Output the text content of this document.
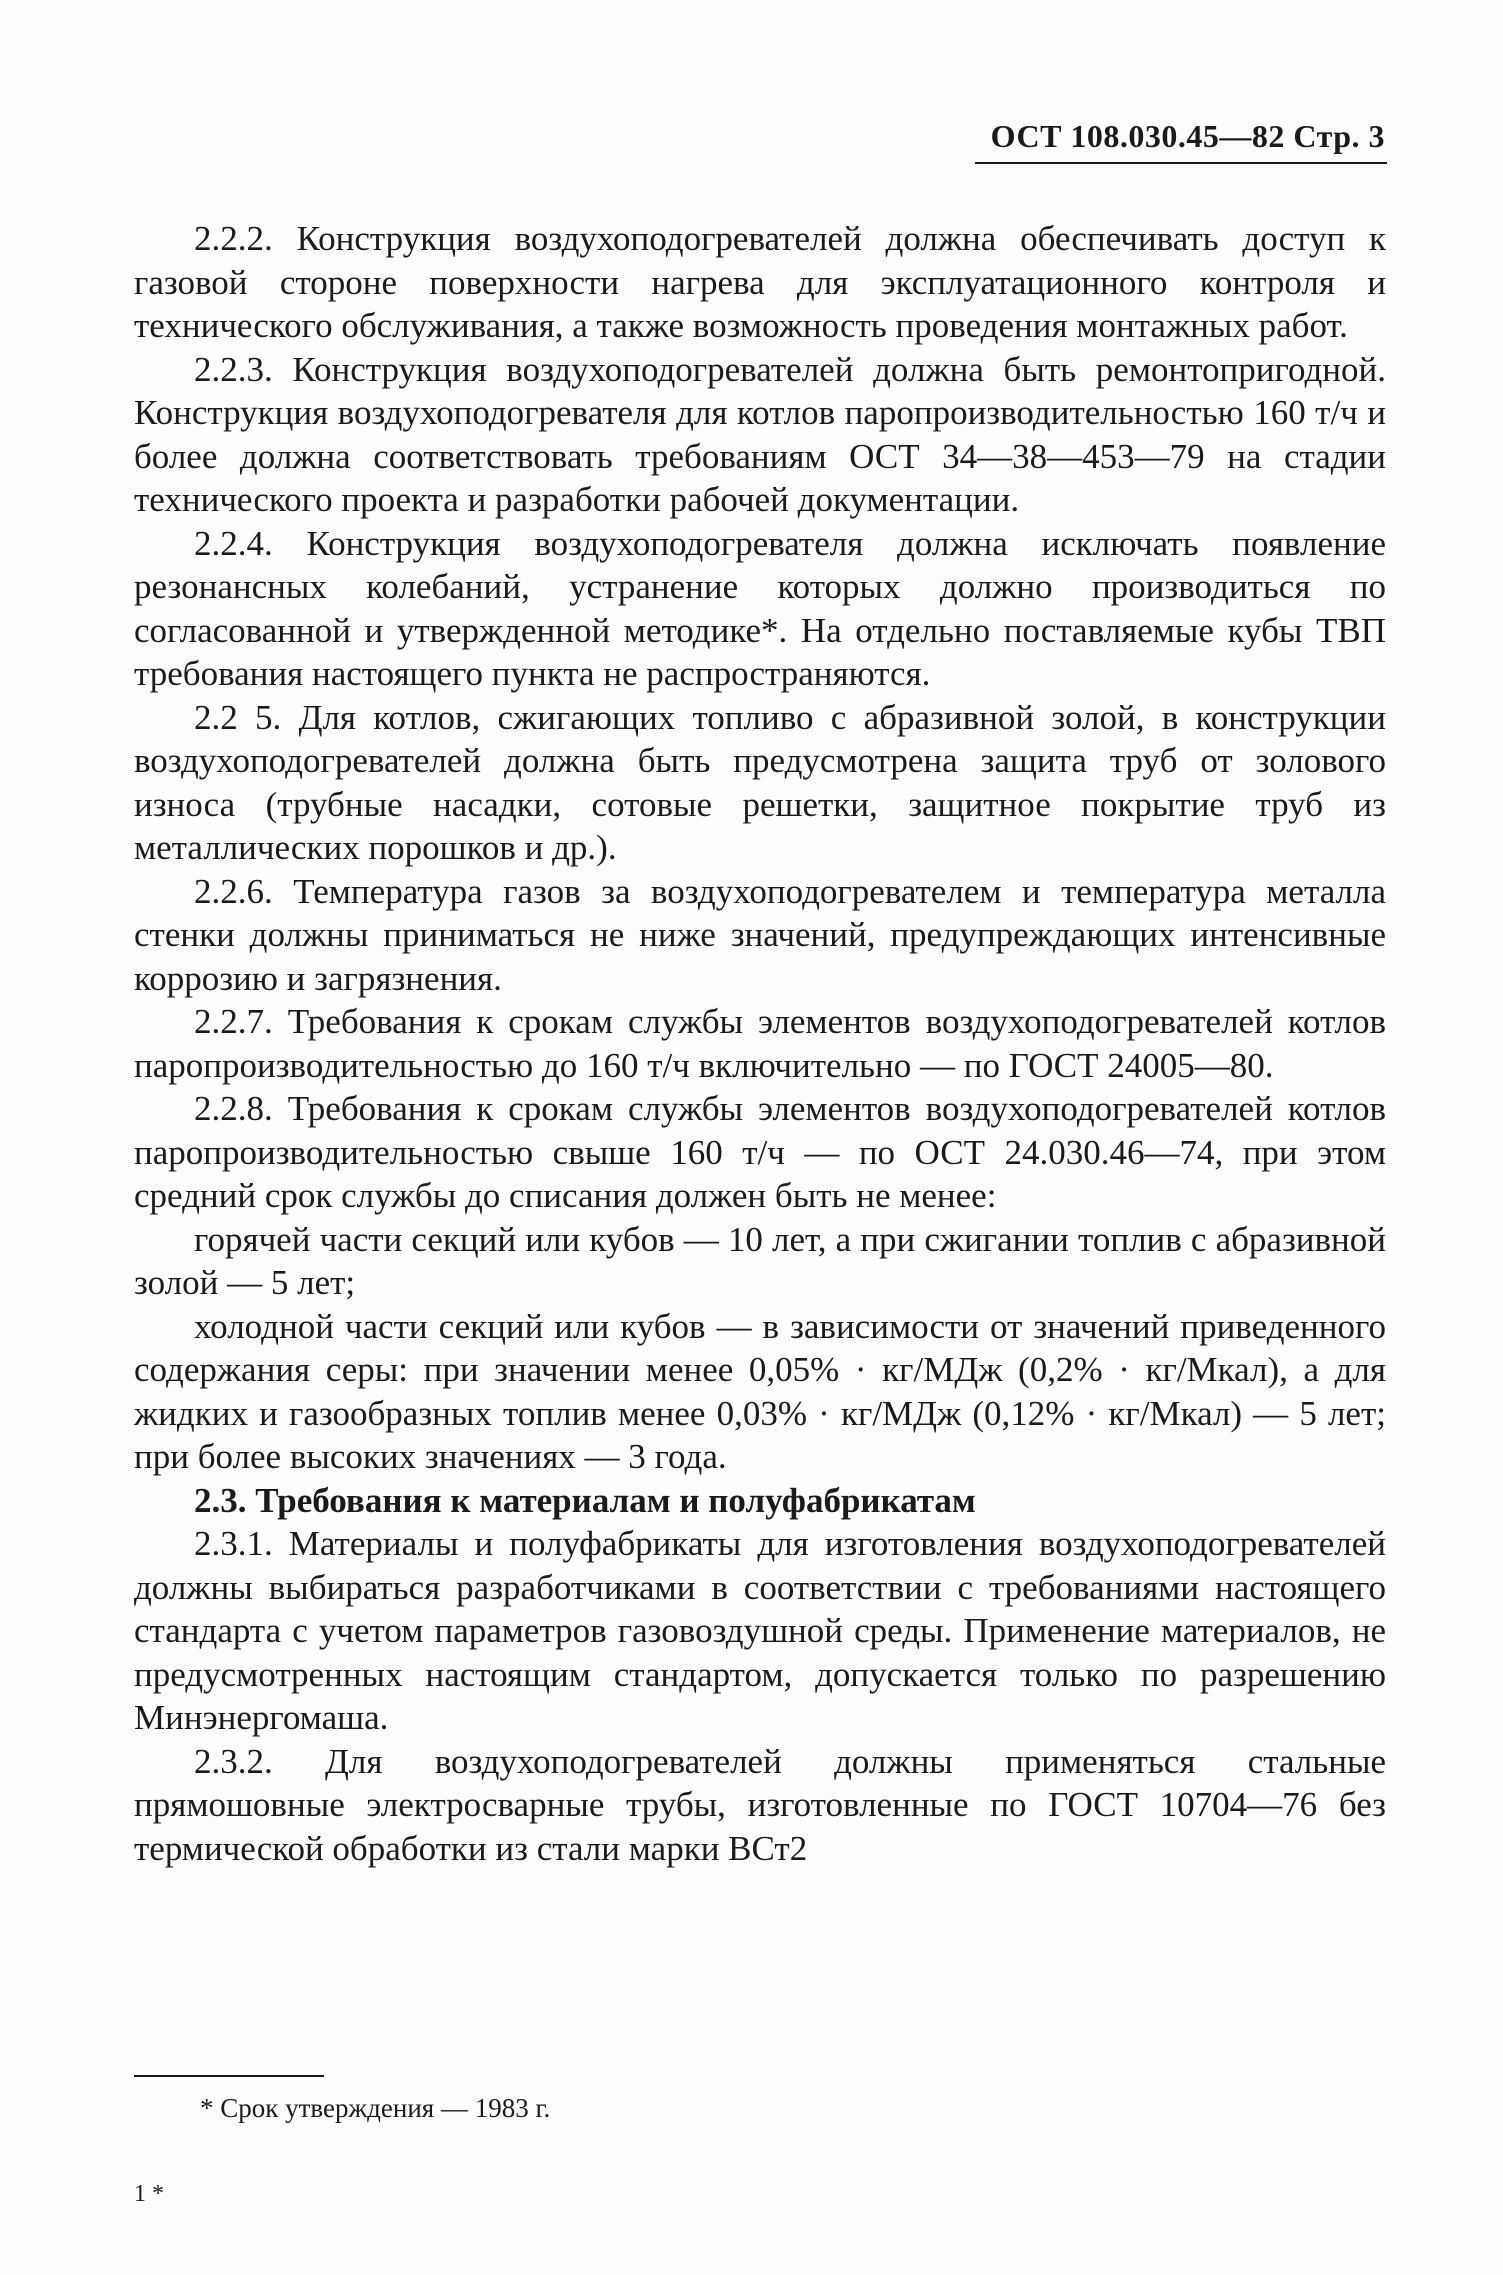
ОСТ 108.030.45—82 Стр. 3

2.2.2. Конструкция воздухоподогревателей должна обеспечивать доступ к газовой стороне поверхности нагрева для эксплуатационного контроля и технического обслуживания, а также возможность проведения монтажных работ.

2.2.3. Конструкция воздухоподогревателей должна быть ремонтопригодной. Конструкция воздухоподогревателя для котлов паропроизводительностью 160 т/ч и более должна соответствовать требованиям ОСТ 34—38—453—79 на стадии технического проекта и разработки рабочей документации.

2.2.4. Конструкция воздухоподогревателя должна исключать появление резонансных колебаний, устранение которых должно производиться по согласованной и утвержденной методике*. На отдельно поставляемые кубы ТВП требования настоящего пункта не распространяются.

2.2 5. Для котлов, сжигающих топливо с абразивной золой, в конструкции воздухоподогревателей должна быть предусмотрена защита труб от золового износа (трубные насадки, сотовые решетки, защитное покрытие труб из металлических порошков и др.).

2.2.6. Температура газов за воздухоподогревателем и температура металла стенки должны приниматься не ниже значений, предупреждающих интенсивные коррозию и загрязнения.

2.2.7. Требования к срокам службы элементов воздухоподогревателей котлов паропроизводительностью до 160 т/ч включительно — по ГОСТ 24005—80.

2.2.8. Требования к срокам службы элементов воздухоподогревателей котлов паропроизводительностью свыше 160 т/ч — по ОСТ 24.030.46—74, при этом средний срок службы до списания должен быть не менее:

горячей части секций или кубов — 10 лет, а при сжигании топлив с абразивной золой — 5 лет;

холодной части секций или кубов — в зависимости от значений приведенного содержания серы: при значении менее 0,05% · кг/МДж (0,2% · кг/Мкал), а для жидких и газообразных топлив менее 0,03% · кг/МДж (0,12% · кг/Мкал) — 5 лет; при более высоких значениях — 3 года.

2.3. Требования к материалам и полуфабрикатам

2.3.1. Материалы и полуфабрикаты для изготовления воздухоподогревателей должны выбираться разработчиками в соответствии с требованиями настоящего стандарта с учетом параметров газовоздушной среды. Применение материалов, не предусмотренных настоящим стандартом, допускается только по разрешению Минэнергомаша.

2.3.2. Для воздухоподогревателей должны применяться стальные прямошовные электросварные трубы, изготовленные по ГОСТ 10704—76 без термической обработки из стали марки ВСт2

* Срок утверждения — 1983 г.
1 *
